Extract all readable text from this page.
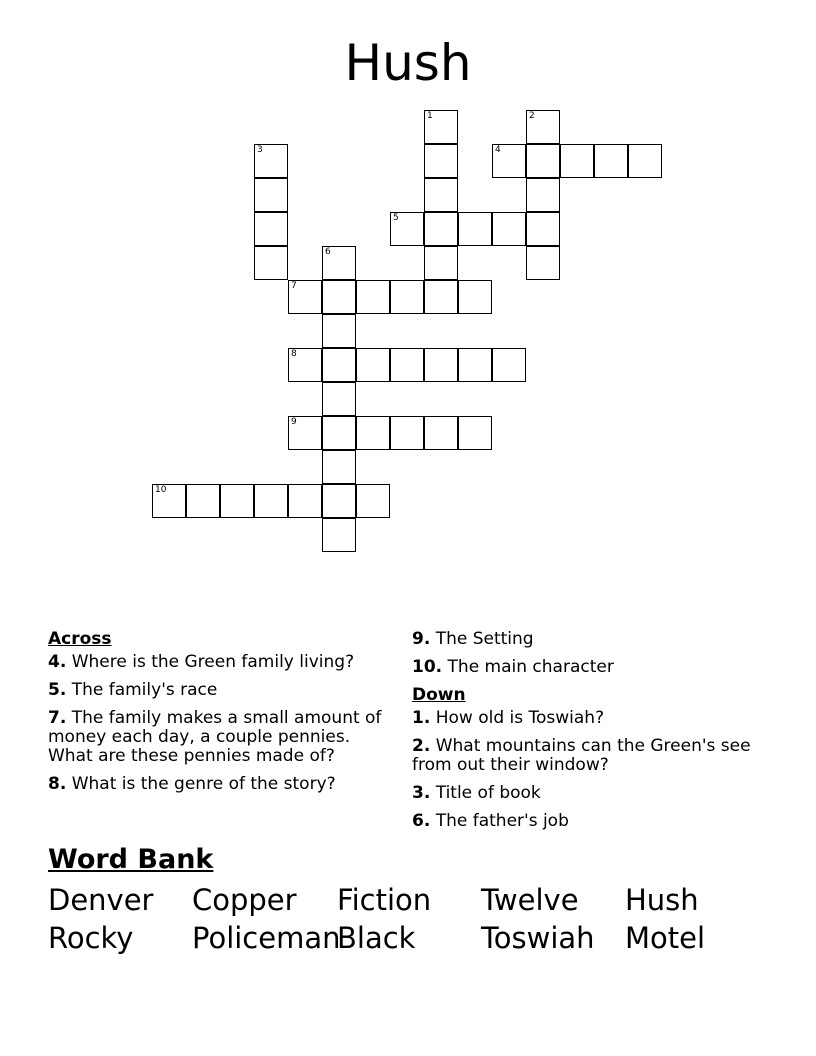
Hush
1	2
3	4
5
6
7
8
9
10
Across
4. Where is the Green family living?
5. The family's race
7. The family makes a small amount of money each day, a couple pennies. What are these pennies made of?
8. What is the genre of the story?
9. The Setting
10. The main character
Down
1. How old is Toswiah?
2. What mountains can the Green's see from out their window?
3. Title of book
6. The father's job
Word Bank
Denver Copper Fiction Twelve Hush
Rocky Policeman
Black Toswiah Motel
